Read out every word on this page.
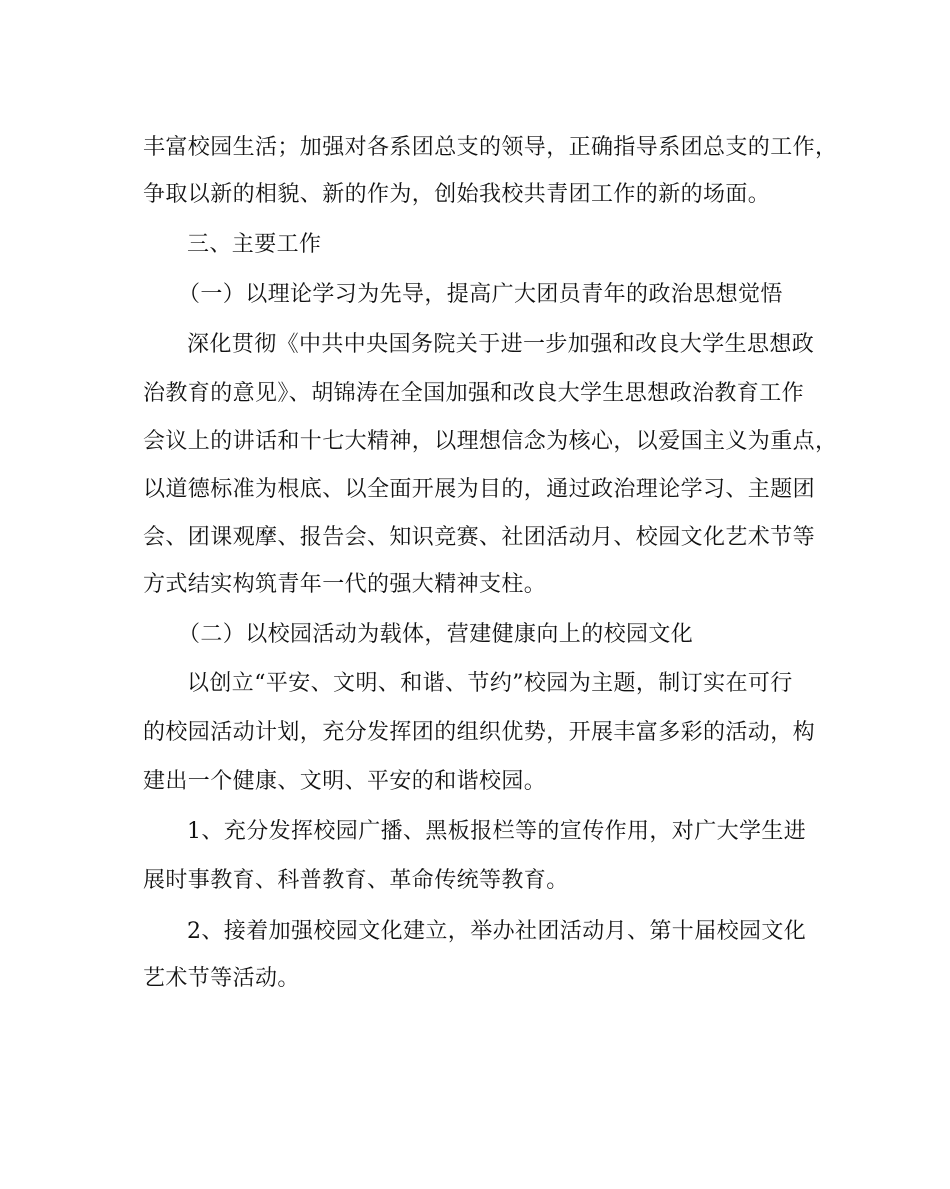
丰富校园生活；加强对各系团总支的领导，正确指导系团总支的工作，
争取以新的相貌、新的作为，创始我校共青团工作的新的场面。
三、主要工作
（一）以理论学习为先导，提高广大团员青年的政治思想觉悟
深化贯彻《中共中央国务院关于进一步加强和改良大学生思想政
治教育的意见》、胡锦涛在全国加强和改良大学生思想政治教育工作
会议上的讲话和十七大精神，以理想信念为核心，以爱国主义为重点，
以道德标准为根底、以全面开展为目的，通过政治理论学习、主题团
会、团课观摩、报告会、知识竞赛、社团活动月、校园文化艺术节等
方式结实构筑青年一代的强大精神支柱。
（二）以校园活动为载体，营建健康向上的校园文化
以创立“平安、文明、和谐、节约”校园为主题，制订实在可行
的校园活动计划，充分发挥团的组织优势，开展丰富多彩的活动，构
建出一个健康、文明、平安的和谐校园。
1、充分发挥校园广播、黑板报栏等的宣传作用，对广大学生进
展时事教育、科普教育、革命传统等教育。
2、接着加强校园文化建立，举办社团活动月、第十届校园文化
艺术节等活动。
